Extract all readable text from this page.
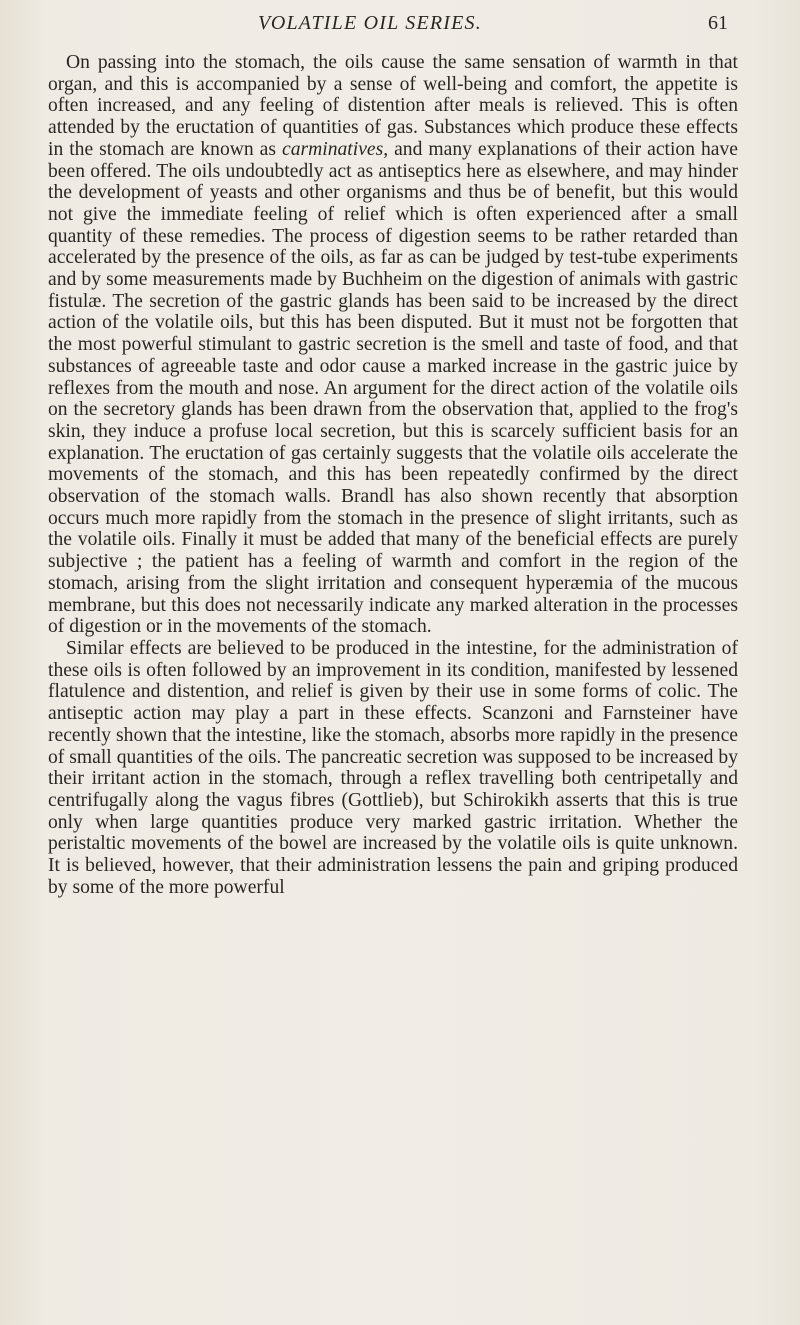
VOLATILE OIL SERIES.	61

On passing into the stomach, the oils cause the same sensation of warmth in that organ, and this is accompanied by a sense of well-being and comfort, the appetite is often increased, and any feeling of distention after meals is relieved. This is often attended by the eructation of quantities of gas. Substances which produce these effects in the stomach are known as carminatives, and many explanations of their action have been offered. The oils undoubtedly act as antiseptics here as elsewhere, and may hinder the development of yeasts and other organisms and thus be of benefit, but this would not give the immediate feeling of relief which is often experienced after a small quantity of these remedies. The process of digestion seems to be rather retarded than accelerated by the presence of the oils, as far as can be judged by test-tube experiments and by some measurements made by Buchheim on the digestion of animals with gastric fistulæ. The secretion of the gastric glands has been said to be increased by the direct action of the volatile oils, but this has been disputed. But it must not be forgotten that the most powerful stimulant to gastric secretion is the smell and taste of food, and that substances of agreeable taste and odor cause a marked increase in the gastric juice by reflexes from the mouth and nose. An argument for the direct action of the volatile oils on the secretory glands has been drawn from the observation that, applied to the frog's skin, they induce a profuse local secretion, but this is scarcely sufficient basis for an explanation. The eructation of gas certainly suggests that the volatile oils accelerate the movements of the stomach, and this has been repeatedly confirmed by the direct observation of the stomach walls. Brandl has also shown recently that absorption occurs much more rapidly from the stomach in the presence of slight irritants, such as the volatile oils. Finally it must be added that many of the beneficial effects are purely subjective ; the patient has a feeling of warmth and comfort in the region of the stomach, arising from the slight irritation and consequent hyperæmia of the mucous membrane, but this does not necessarily indicate any marked alteration in the processes of digestion or in the movements of the stomach.

Similar effects are believed to be produced in the intestine, for the administration of these oils is often followed by an improvement in its condition, manifested by lessened flatulence and distention, and relief is given by their use in some forms of colic. The antiseptic action may play a part in these effects. Scanzoni and Farnsteiner have recently shown that the intestine, like the stomach, absorbs more rapidly in the presence of small quantities of the oils. The pancreatic secretion was supposed to be increased by their irritant action in the stomach, through a reflex travelling both centripetally and centrifugally along the vagus fibres (Gottlieb), but Schirokikh asserts that this is true only when large quantities produce very marked gastric irritation. Whether the peristaltic movements of the bowel are increased by the volatile oils is quite unknown. It is believed, however, that their administration lessens the pain and griping produced by some of the more powerful
